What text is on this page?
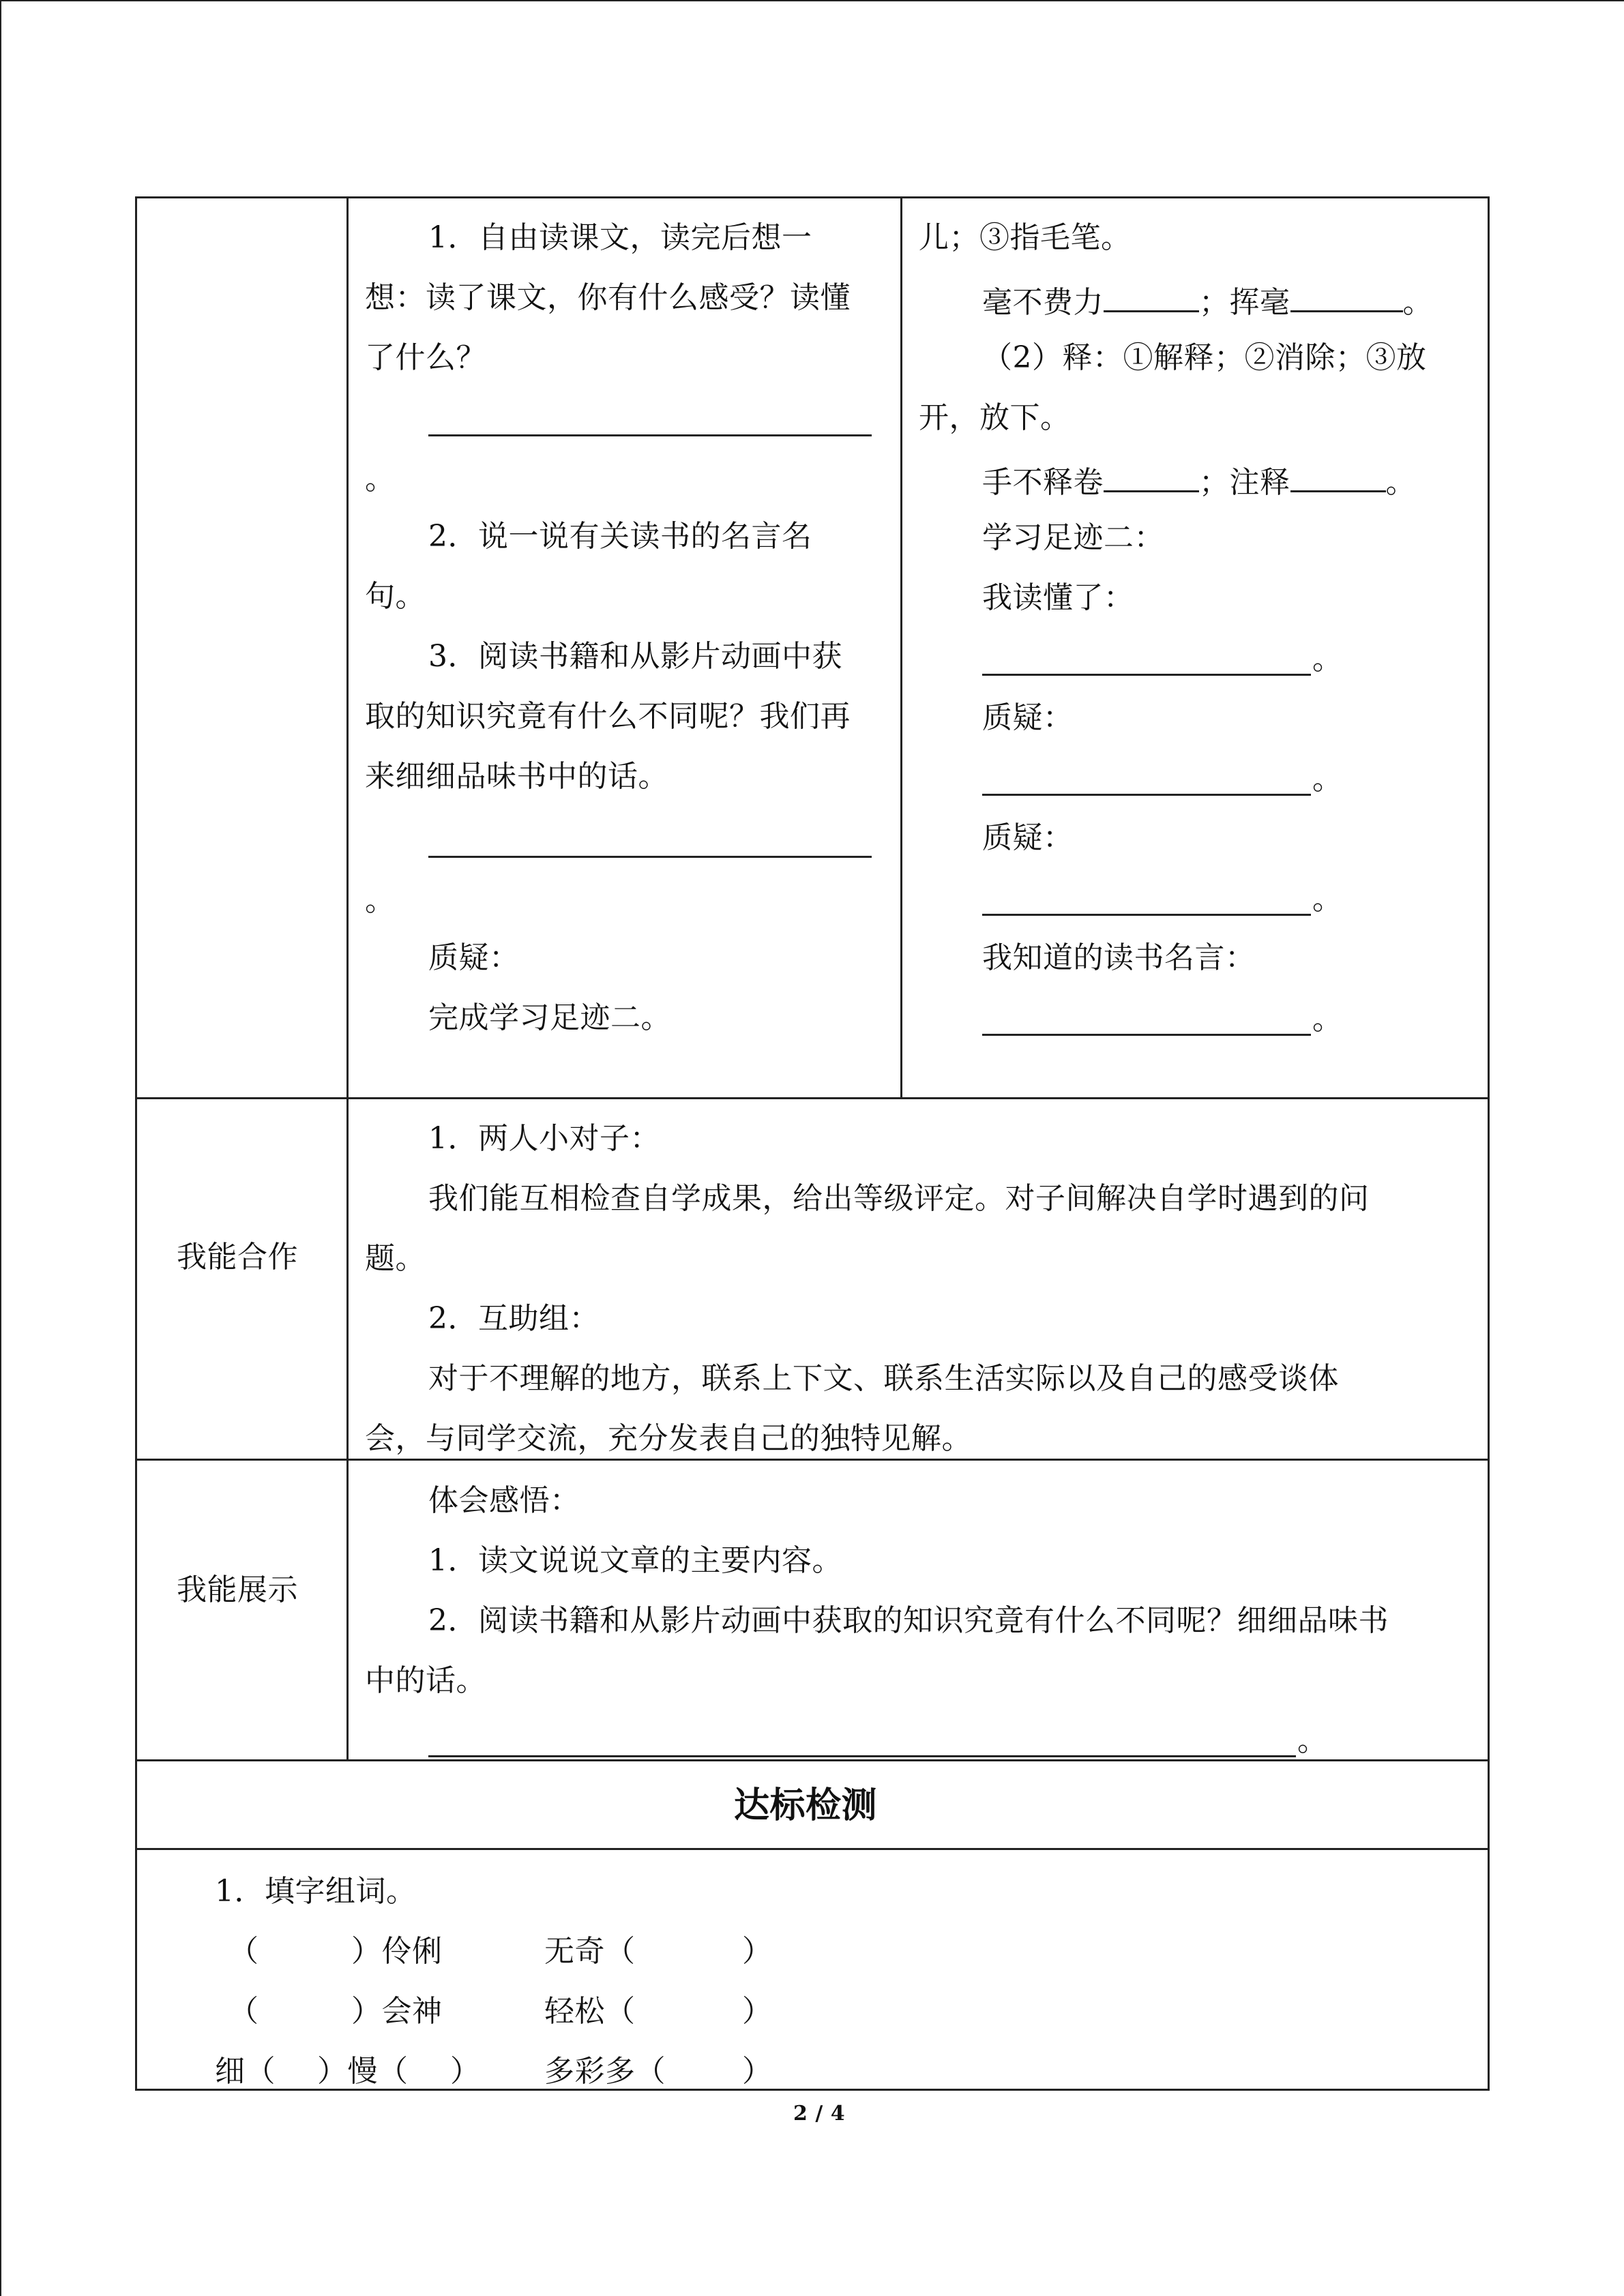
1．自由读课文，读完后想一
想：读了课文，你有什么感受？读懂
了什么？
。
2．说一说有关读书的名言名
句。
3．阅读书籍和从影片动画中获
取的知识究竟有什么不同呢？我们再
来细细品味书中的话。
。
质疑：
完成学习足迹二。
儿；③指毛笔。
毫不费力	；挥毫	。
（2）释：①解释；②消除；③放
开，放下。
手不释卷	；注释	。
学习足迹二：
我读懂了：
。
质疑：
。
质疑：
。
我知道的读书名言：
。
我能合作
1．两人小对子：
我们能互相检查自学成果，给出等级评定。对子间解决自学时遇到的问
题。
2．互助组：
对于不理解的地方，联系上下文、联系生活实际以及自己的感受谈体
会，与同学交流，充分发表自己的独特见解。
我能展示
体会感悟：
1．读文说说文章的主要内容。
2．阅读书籍和从影片动画中获取的知识究竟有什么不同呢？细细品味书
中的话。
。
达标检测
1．填字组词。
（	）伶俐	无奇（	）
（	）会神	轻松（	）
细（ ）慢（ ） 多彩多（	）
2 / 4
